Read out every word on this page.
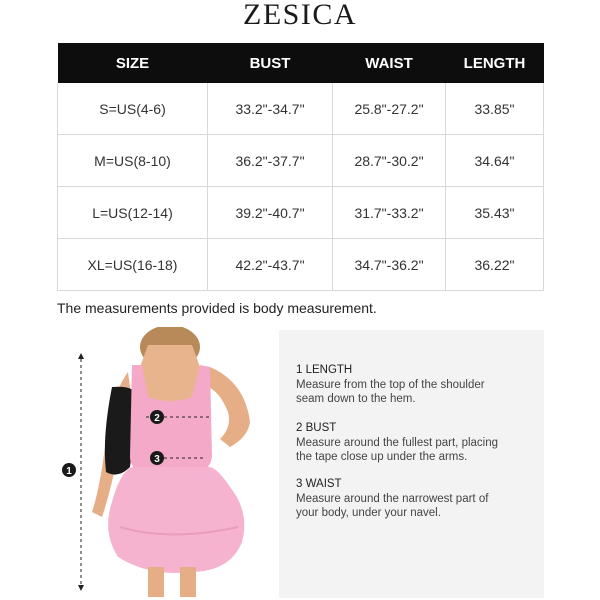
ZESICA
SIZE	BUST	WAIST	LENGTH
S=US(4-6)	33.2"-34.7"	25.8"-27.2"	33.85"
M=US(8-10)	36.2"-37.7"	28.7"-30.2"	34.64"
L=US(12-14)	39.2"-40.7"	31.7"-33.2"	35.43"
XL=US(16-18)	42.2"-43.7"	34.7"-36.2"	36.22"
The measurements provided is body measurement.
1
2
3
1 LENGTH
Measure from the top of the shoulder
seam down to the hem.
2 BUST
Measure around the fullest part, placing
the tape close up under the arms.
3 WAIST
Measure around the narrowest part of
your body, under your navel.
